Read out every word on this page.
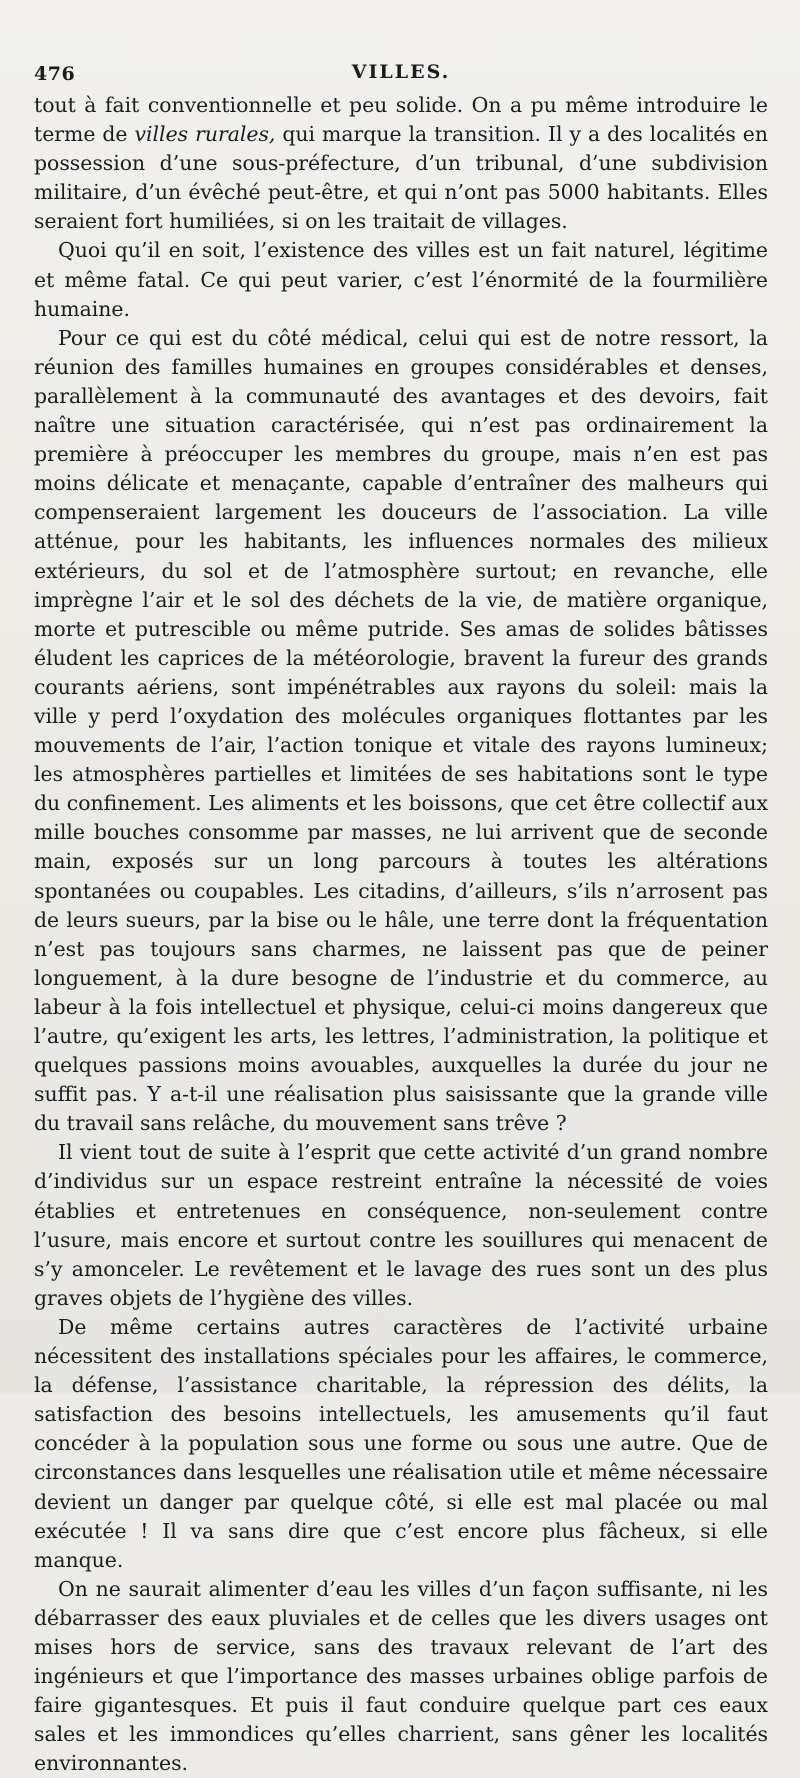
476	VILLES.

tout à fait conventionnelle et peu solide. On a pu même introduire le terme de villes rurales, qui marque la transition. Il y a des localités en possession d’une sous-préfecture, d’un tribunal, d’une subdivision militaire, d’un évêché peut-être, et qui n’ont pas 5000 habitants. Elles seraient fort humiliées, si on les traitait de villages.

Quoi qu’il en soit, l’existence des villes est un fait naturel, légitime et même fatal. Ce qui peut varier, c’est l’énormité de la fourmilière humaine.

Pour ce qui est du côté médical, celui qui est de notre ressort, la réunion des familles humaines en groupes considérables et denses, parallèlement à la communauté des avantages et des devoirs, fait naître une situation caractérisée, qui n’est pas ordinairement la première à préoccuper les membres du groupe, mais n’en est pas moins délicate et menaçante, capable d’entraîner des malheurs qui compenseraient largement les douceurs de l’association. La ville atténue, pour les habitants, les influences normales des milieux extérieurs, du sol et de l’atmosphère surtout; en revanche, elle imprègne l’air et le sol des déchets de la vie, de matière organique, morte et putrescible ou même putride. Ses amas de solides bâtisses éludent les caprices de la météorologie, bravent la fureur des grands courants aériens, sont impénétrables aux rayons du soleil: mais la ville y perd l’oxydation des molécules organiques flottantes par les mouvements de l’air, l’action tonique et vitale des rayons lumineux; les atmosphères partielles et limitées de ses habitations sont le type du confinement. Les aliments et les boissons, que cet être collectif aux mille bouches consomme par masses, ne lui arrivent que de seconde main, exposés sur un long parcours à toutes les altérations spontanées ou coupables. Les citadins, d’ailleurs, s’ils n’arrosent pas de leurs sueurs, par la bise ou le hâle, une terre dont la fréquentation n’est pas toujours sans charmes, ne laissent pas que de peiner longuement, à la dure besogne de l’industrie et du commerce, au labeur à la fois intellectuel et physique, celui-ci moins dangereux que l’autre, qu’exigent les arts, les lettres, l’administration, la politique et quelques passions moins avouables, auxquelles la durée du jour ne suffit pas. Y a-t-il une réalisation plus saisissante que la grande ville du travail sans relâche, du mouvement sans trêve ?

Il vient tout de suite à l’esprit que cette activité d’un grand nombre d’individus sur un espace restreint entraîne la nécessité de voies établies et entretenues en conséquence, non-seulement contre l’usure, mais encore et surtout contre les souillures qui menacent de s’y amonceler. Le revêtement et le lavage des rues sont un des plus graves objets de l’hygiène des villes.

De même certains autres caractères de l’activité urbaine nécessitent des installations spéciales pour les affaires, le commerce, la défense, l’assistance charitable, la répression des délits, la satisfaction des besoins intellectuels, les amusements qu’il faut concéder à la population sous une forme ou sous une autre. Que de circonstances dans lesquelles une réalisation utile et même nécessaire devient un danger par quelque côté, si elle est mal placée ou mal exécutée ! Il va sans dire que c’est encore plus fâcheux, si elle manque.

On ne saurait alimenter d’eau les villes d’un façon suffisante, ni les débarrasser des eaux pluviales et de celles que les divers usages ont mises hors de service, sans des travaux relevant de l’art des ingénieurs et que l’importance des masses urbaines oblige parfois de faire gigantesques. Et puis il faut conduire quelque part ces eaux sales et les immondices qu’elles charrient, sans gêner les localités environnantes.
